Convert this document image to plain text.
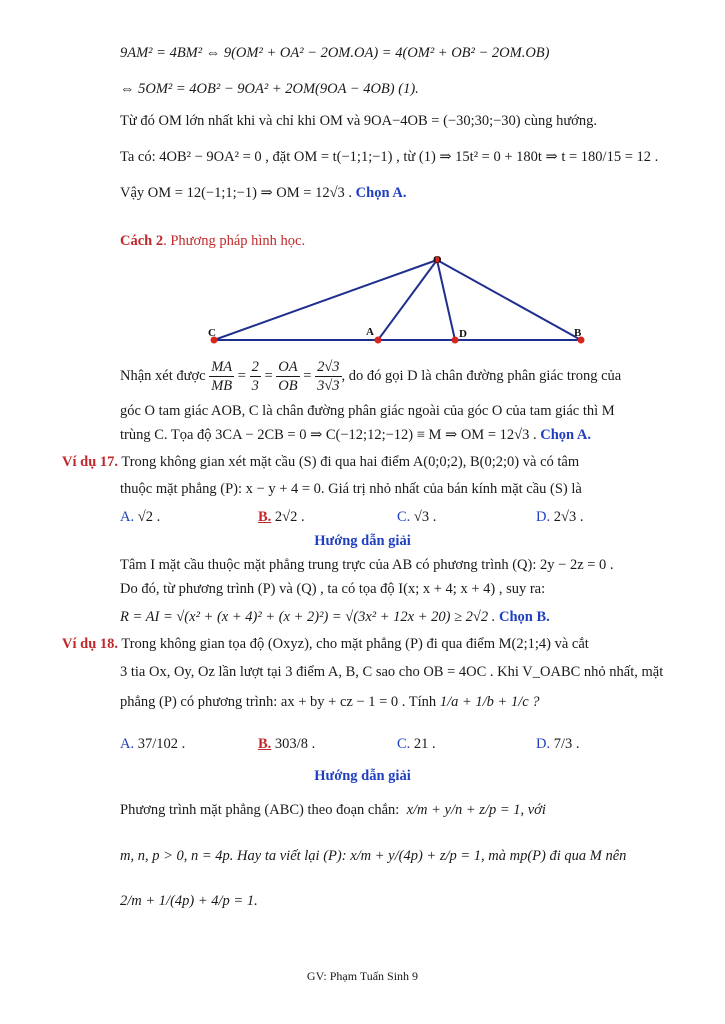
9AM² = 4BM² ⇔ 9(OM² + OA² − 2OM.OA) = 4(OM² + OB² − 2OM.OB)
⇔ 5OM² = 4OB² − 9OA² + 2OM(9OA − 4OB) (1).
Từ đó OM lớn nhất khi và chỉ khi OM và 9OA−4OB = (−30;30;−30) cùng hướng.
Ta có: 4OB² − 9OA² = 0 , đặt OM = t(−1;1;−1) , từ (1) ⇒ 15t² = 0 + 180t ⇒ t = 180/15 = 12 .
Vậy OM = 12(−1;1;−1) ⇒ OM = 12√3 . Chọn A.
Cách 2. Phương pháp hình học.
O
C	A	D	B
Nhận xét được
$\frac{MA}{MB} = \frac{2}{3} = \frac{OA}{OB} = \frac{2√3}{3√3}$ , do đó gọi D là chân đường phân giác trong của
góc O tam giác AOB, C là chân đường phân giác ngoài của góc O của tam giác thì M
trùng C. Tọa độ 3CA − 2CB = 0 ⇒ C(−12;12;−12) ≡ M ⇒ OM = 12√3 . Chọn A.
Ví dụ 17. Trong không gian xét mặt cầu (S) đi qua hai điểm A(0;0;2), B(0;2;0) và có tâm
thuộc mặt phẳng (P): x − y + 4 = 0. Giá trị nhỏ nhất của bán kính mặt cầu (S) là
A. √2 .	B. 2√2 .	C. √3 .	D. 2√3 .
Hướng dẫn giải
Tâm I mặt cầu thuộc mặt phẳng trung trực của AB có phương trình (Q): 2y − 2z = 0 .
Do đó, từ phương trình (P) và (Q) , ta có tọa độ I(x; x + 4; x + 4) , suy ra:
R = AI = √(x² + (x + 4)² + (x + 2)²) = √(3x² + 12x + 20) ≥ 2√2 . Chọn B.
Ví dụ 18. Trong không gian tọa độ (Oxyz), cho mặt phẳng (P) đi qua điểm M(2;1;4) và cắt
3 tia Ox, Oy, Oz lần lượt tại 3 điểm A, B, C sao cho OB = 4OC . Khi V_OABC nhỏ nhất, mặt
phẳng (P) có phương trình: ax + by + cz − 1 = 0 . Tính 1/a + 1/b + 1/c ?
A. 37/102 .	B. 303/8 .	C. 21 .	D. 7/3 .
Hướng dẫn giải
Phương trình mặt phẳng (ABC) theo đoạn chắn: x/m + y/n + z/p = 1, với
m, n, p > 0, n = 4p. Hay ta viết lại (P): x/m + y/(4p) + z/p = 1, mà mp(P) đi qua M nên
2/m + 1/(4p) + 4/p = 1.
GV: Phạm Tuấn Sinh 9
